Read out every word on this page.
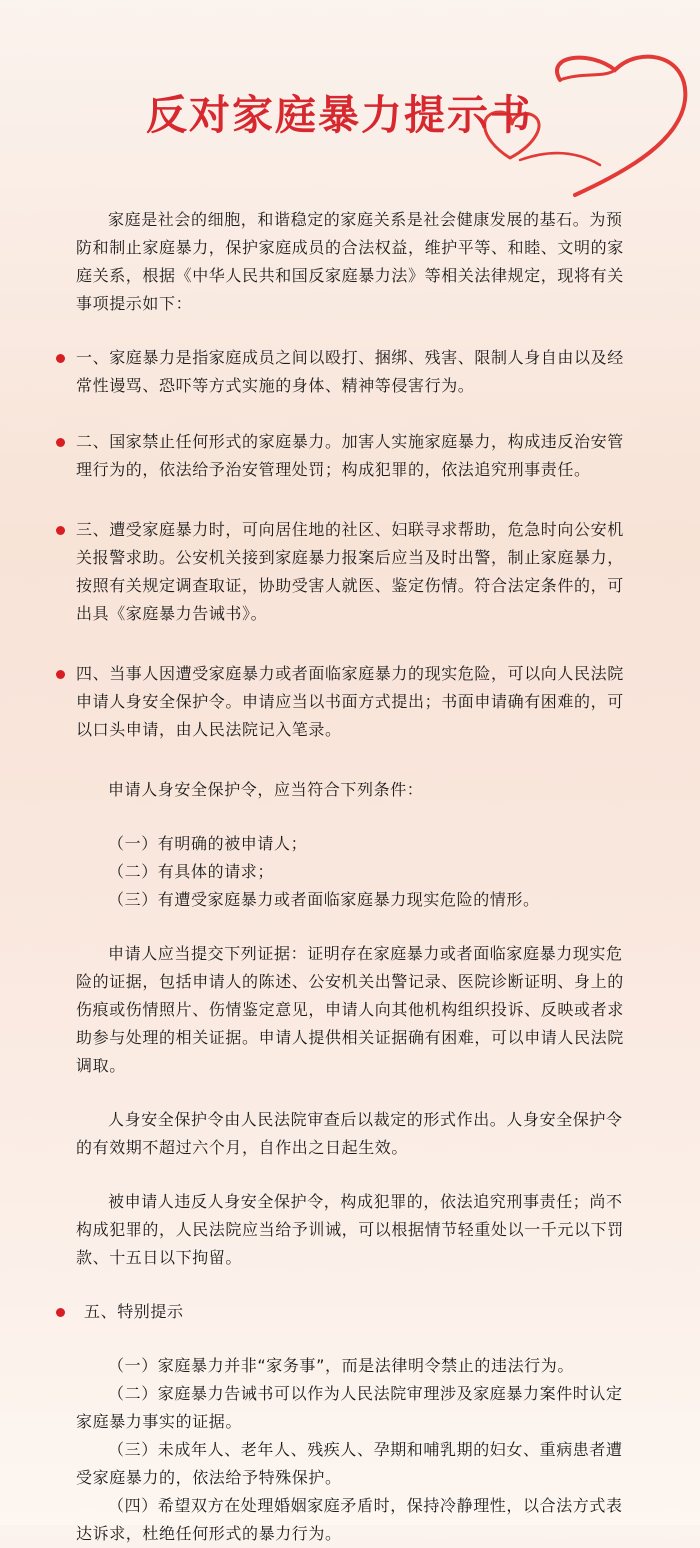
反对家庭暴力提示书

家庭是社会的细胞，和谐稳定的家庭关系是社会健康发展的基石。为预防和制止家庭暴力，保护家庭成员的合法权益，维护平等、和睦、文明的家庭关系，根据《中华人民共和国反家庭暴力法》等相关法律规定，现将有关事项提示如下：

一、家庭暴力是指家庭成员之间以殴打、捆绑、残害、限制人身自由以及经常性谩骂、恐吓等方式实施的身体、精神等侵害行为。

二、国家禁止任何形式的家庭暴力。加害人实施家庭暴力，构成违反治安管理行为的，依法给予治安管理处罚；构成犯罪的，依法追究刑事责任。

三、遭受家庭暴力时，可向居住地的社区、妇联寻求帮助，危急时向公安机关报警求助。公安机关接到家庭暴力报案后应当及时出警，制止家庭暴力，按照有关规定调查取证，协助受害人就医、鉴定伤情。符合法定条件的，可出具《家庭暴力告诫书》。

四、当事人因遭受家庭暴力或者面临家庭暴力的现实危险，可以向人民法院申请人身安全保护令。申请应当以书面方式提出；书面申请确有困难的，可以口头申请，由人民法院记入笔录。

申请人身安全保护令，应当符合下列条件：

（一）有明确的被申请人；

（二）有具体的请求；

（三）有遭受家庭暴力或者面临家庭暴力现实危险的情形。

申请人应当提交下列证据：证明存在家庭暴力或者面临家庭暴力现实危险的证据，包括申请人的陈述、公安机关出警记录、医院诊断证明、身上的伤痕或伤情照片、伤情鉴定意见，申请人向其他机构组织投诉、反映或者求助参与处理的相关证据。申请人提供相关证据确有困难，可以申请人民法院调取。

人身安全保护令由人民法院审查后以裁定的形式作出。人身安全保护令的有效期不超过六个月，自作出之日起生效。

被申请人违反人身安全保护令，构成犯罪的，依法追究刑事责任；尚不构成犯罪的，人民法院应当给予训诫，可以根据情节轻重处以一千元以下罚款、十五日以下拘留。

五、特别提示

（一）家庭暴力并非“家务事”，而是法律明令禁止的违法行为。

（二）家庭暴力告诫书可以作为人民法院审理涉及家庭暴力案件时认定家庭暴力事实的证据。

（三）未成年人、老年人、残疾人、孕期和哺乳期的妇女、重病患者遭受家庭暴力的，依法给予特殊保护。

（四）希望双方在处理婚姻家庭矛盾时，保持冷静理性，以合法方式表达诉求，杜绝任何形式的暴力行为。
